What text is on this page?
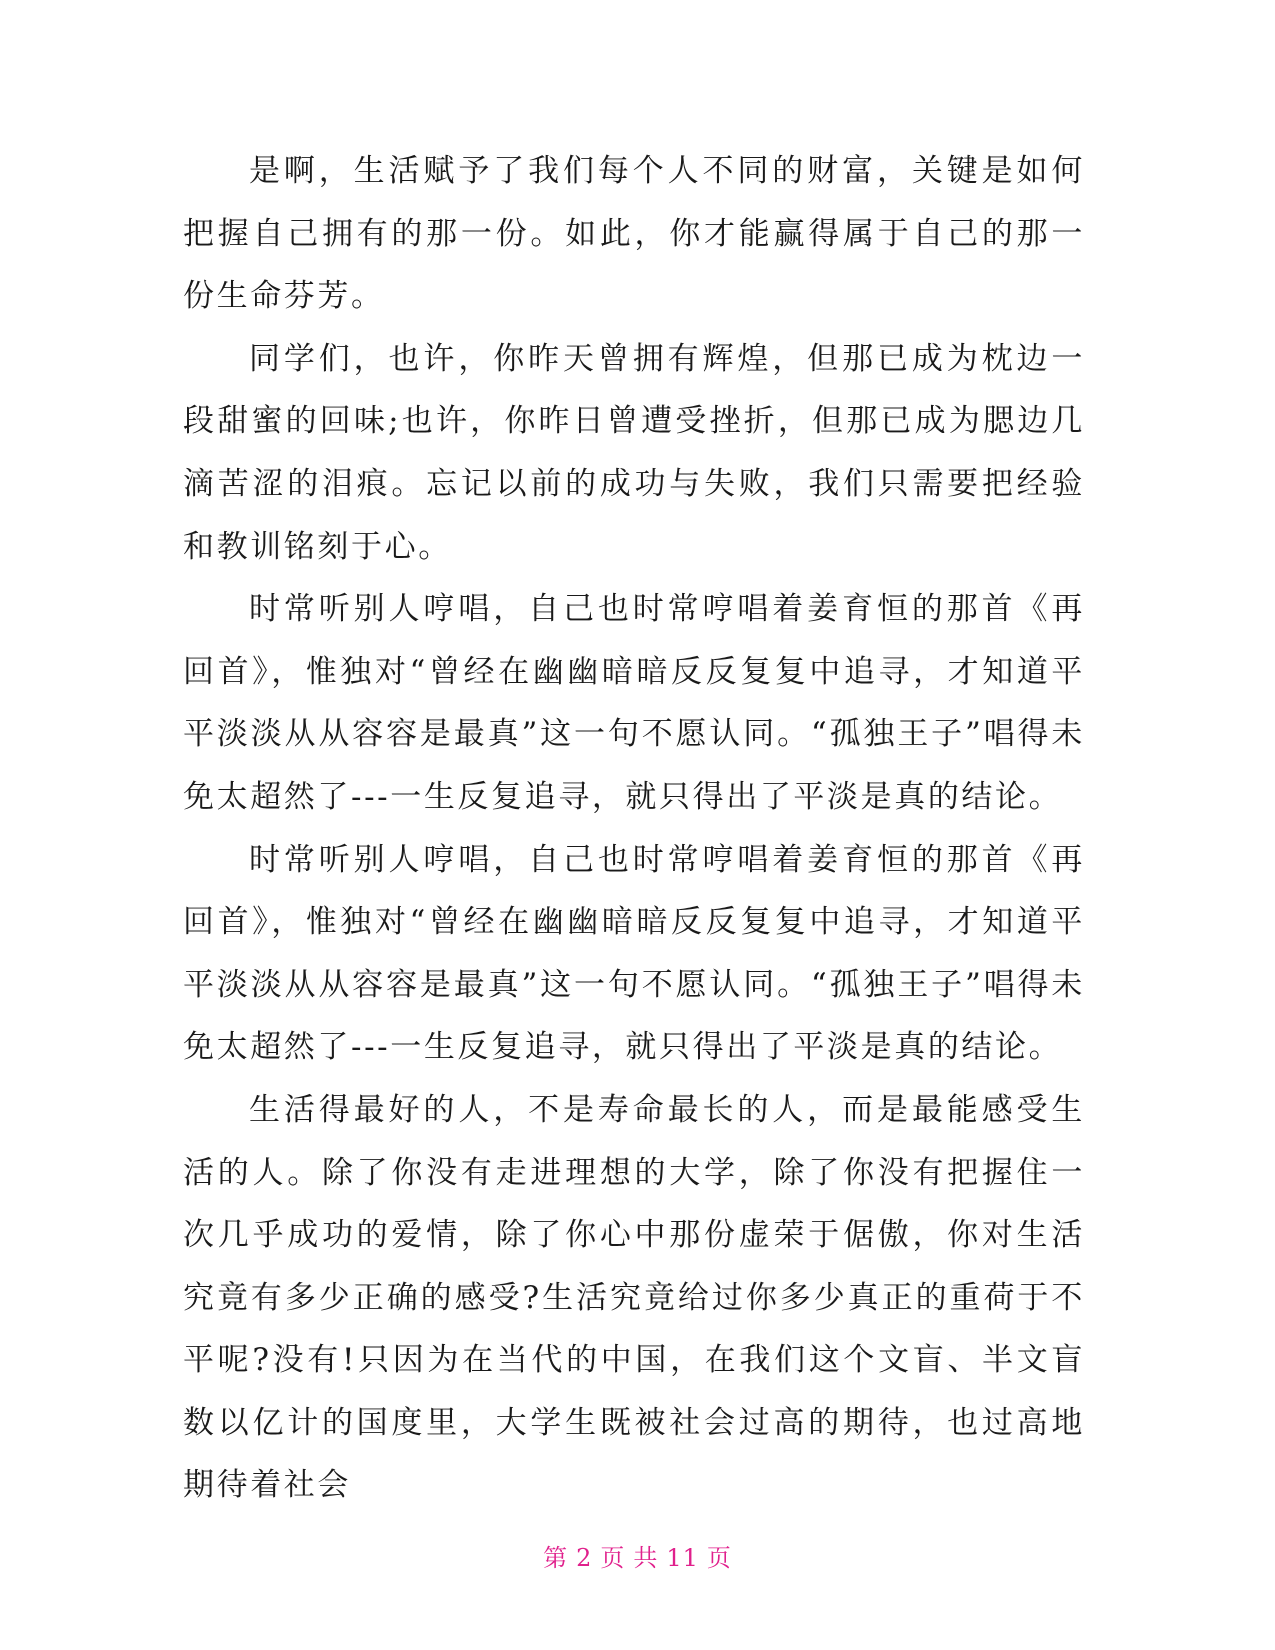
是啊，生活赋予了我们每个人不同的财富，关键是如何把握自己拥有的那一份。如此，你才能赢得属于自己的那一份生命芬芳。

同学们，也许，你昨天曾拥有辉煌，但那已成为枕边一段甜蜜的回味;也许，你昨日曾遭受挫折，但那已成为腮边几滴苦涩的泪痕。忘记以前的成功与失败，我们只需要把经验和教训铭刻于心。

时常听别人哼唱，自己也时常哼唱着姜育恒的那首《再回首》，惟独对“曾经在幽幽暗暗反反复复中追寻，才知道平平淡淡从从容容是最真”这一句不愿认同。“孤独王子”唱得未免太超然了---一生反复追寻，就只得出了平淡是真的结论。

时常听别人哼唱，自己也时常哼唱着姜育恒的那首《再回首》，惟独对“曾经在幽幽暗暗反反复复中追寻，才知道平平淡淡从从容容是最真”这一句不愿认同。“孤独王子”唱得未免太超然了---一生反复追寻，就只得出了平淡是真的结论。

生活得最好的人，不是寿命最长的人，而是最能感受生活的人。除了你没有走进理想的大学，除了你没有把握住一次几乎成功的爱情，除了你心中那份虚荣于倨傲，你对生活究竟有多少正确的感受?生活究竟给过你多少真正的重荷于不平呢?没有!只因为在当代的中国，在我们这个文盲、半文盲数以亿计的国度里，大学生既被社会过高的期待，也过高地期待着社会

第 2 页 共 11 页
